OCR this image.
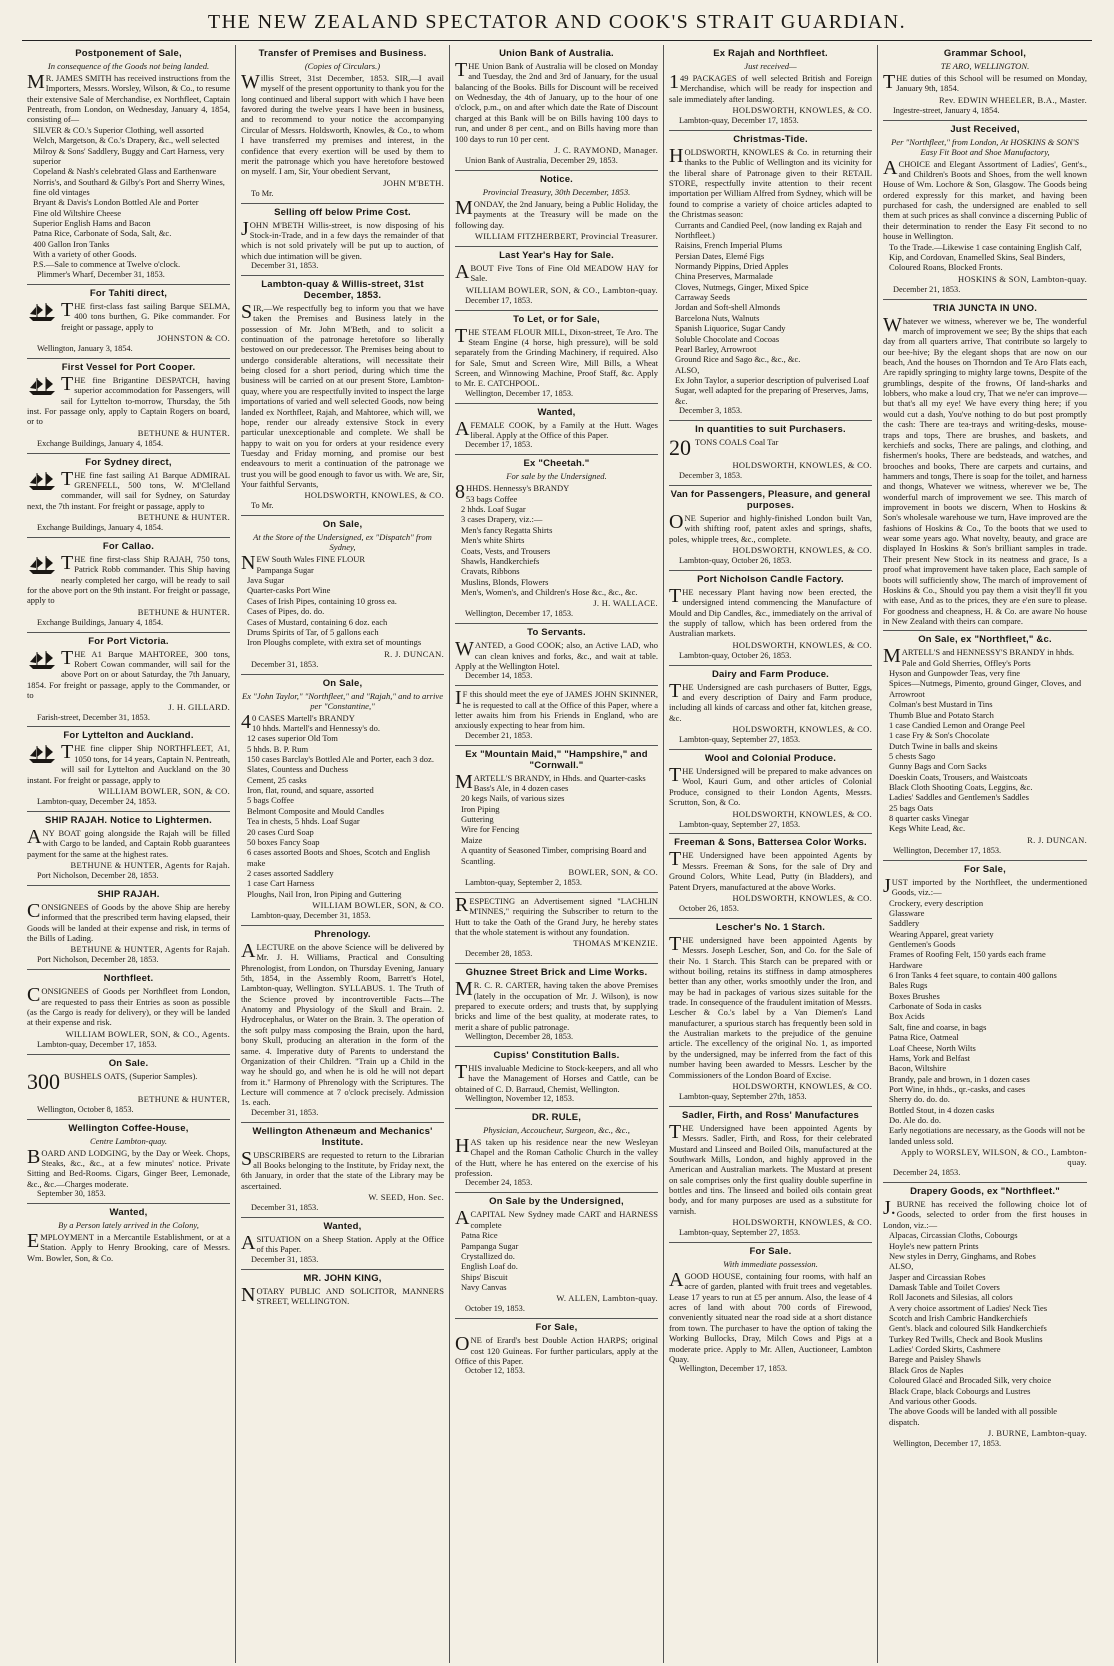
THE NEW ZEALAND SPECTATOR AND COOK'S STRAIT GUARDIAN.
Postponement of Sale,
In consequence of the Goods not being landed.

MR. JAMES SMITH has received instructions from the Importers, Messrs. Worsley, Wilson, & Co., to resume their extensive Sale of Merchandise, ex Northfleet, Captain Pentreath, from London, on Wednesday, January 4, 1854, consisting of—

SILVER & CO.'s Superior Clothing, well assorted
Welch, Margetson, & Co.'s Drapery, &c., well selected
Milroy & Sons' Saddlery, Buggy and Cart Harness, very superior
Copeland & Nash's celebrated Glass and Earthenware
Norris's, and Southard & Gilby's Port and Sherry Wines, fine old vintages
Bryant & Davis's London Bottled Ale and Porter
Fine old Wiltshire Cheese
Superior English Hams and Bacon
Patna Rice, Carbonate of Soda, Salt, &c.
400 Gallon Iron Tanks
With a variety of other Goods.
P.S.—Sale to commence at Twelve o'clock.
Plimmer's Wharf, December 31, 1853.
For Tahiti direct,

THE first-class fast sailing Barque SELMA, 400 tons burthen, G. Pike commander. For freight or passage, apply to

JOHNSTON & CO.
Wellington, January 3, 1854.
First Vessel for Port Cooper.

THE fine Brigantine DESPATCH, having superior accommodation for Passengers, will sail for Lyttelton to-morrow, Thursday, the 5th inst. For passage only, apply to Captain Rogers on board, or to

BETHUNE & HUNTER.
Exchange Buildings, January 4, 1854.
For Sydney direct,

THE fine fast sailing A1 Barque ADMIRAL GRENFELL, 500 tons, W. M'Clelland commander, will sail for Sydney, on Saturday next, the 7th instant. For freight or passage, apply to

BETHUNE & HUNTER.
Exchange Buildings, January 4, 1854.
For Callao.

THE fine first-class Ship RAJAH, 750 tons, Patrick Robb commander. This Ship having nearly completed her cargo, will be ready to sail for the above port on the 9th instant. For freight or passage, apply to

BETHUNE & HUNTER.
Exchange Buildings, January 4, 1854.
For Port Victoria.

THE A1 Barque MAHTOREE, 300 tons, Robert Cowan commander, will sail for the above Port on or about Saturday, the 7th January, 1854. For freight or passage, apply to the Commander, or to

J. H. GILLARD.
Farish-street, December 31, 1853.
For Lyttelton and Auckland.

THE fine clipper Ship NORTHFLEET, A1, 1050 tons, for 14 years, Captain N. Pentreath, will sail for Lyttelton and Auckland on the 30 instant. For freight or passage, apply to

WILLIAM BOWLER, SON, & CO.
Lambton-quay, December 24, 1853.
SHIP RAJAH. Notice to Lightermen.

ANY BOAT going alongside the Rajah will be filled with Cargo to be landed, and Captain Robb guarantees payment for the same at the highest rates.

BETHUNE & HUNTER, Agents for Rajah.
Port Nicholson, December 28, 1853.
SHIP RAJAH.

CONSIGNEES of Goods by the above Ship are hereby informed that the prescribed term having elapsed, their Goods will be landed at their expense and risk, in terms of the Bills of Lading.

BETHUNE & HUNTER, Agents for Rajah.
Port Nicholson, December 28, 1853.
Northfleet.

CONSIGNEES of Goods per Northfleet from London, are requested to pass their Entries as soon as possible (as the Cargo is ready for delivery), or they will be landed at their expense and risk.

WILLIAM BOWLER, SON, & CO., Agents.
Lambton-quay, December 17, 1853.
On Sale.
300 BUSHELS OATS, (Superior Samples).

BETHUNE & HUNTER,
Wellington, October 8, 1853.
Wellington Coffee-House,
Centre Lambton-quay.

BOARD AND LODGING, by the Day or Week. Chops, Steaks, &c., &c., at a few minutes' notice. Private Sitting and Bed-Rooms. Cigars, Ginger Beer, Lemonade, &c., &c.—Charges moderate.

September 30, 1853.
Wanted,
By a Person lately arrived in the Colony,

EMPLOYMENT in a Mercantile Establishment, or at a Station. Apply to Henry Brooking, care of Messrs. Wm. Bowler, Son, & Co.

Transfer of Premises and Business.
(Copies of Circulars.)

Willis Street, 31st December, 1853. SIR,—I avail myself of the present opportunity to thank you for the long continued and liberal support with which I have been favored during the twelve years I have been in business, and to recommend to your notice the accompanying Circular of Messrs. Holdsworth, Knowles, & Co., to whom I have transferred my premises and interest, in the confidence that every exertion will be used by them to merit the patronage which you have heretofore bestowed on myself. I am, Sir, Your obedient Servant,

JOHN M'BETH.
To Mr.
Selling off below Prime Cost.

JOHN M'BETH Willis-street, is now disposing of his Stock-in-Trade, and in a few days the remainder of that which is not sold privately will be put up to auction, of which due intimation will be given.

December 31, 1853.
Lambton-quay & Willis-street, 31st December, 1853.

SIR,—We respectfully beg to inform you that we have taken the Premises and Business lately in the possession of Mr. John M'Beth, and to solicit a continuation of the patronage heretofore so liberally bestowed on our predecessor. The Premises being about to undergo considerable alterations, will necessitate their being closed for a short period, during which time the business will be carried on at our present Store, Lambton-quay, where you are respectfully invited to inspect the large importations of varied and well selected Goods, now being landed ex Northfleet, Rajah, and Mahtoree, which will, we hope, render our already extensive Stock in every particular unexceptionable and complete. We shall be happy to wait on you for orders at your residence every Tuesday and Friday morning, and promise our best endeavours to merit a continuation of the patronage we trust you will be good enough to favor us with. We are, Sir, Your faithful Servants,

HOLDSWORTH, KNOWLES, & CO.
To Mr.
On Sale,
At the Store of the Undersigned, ex "Dispatch" from Sydney,

NEW South Wales FINE FLOUR

Pampanga Sugar
Java Sugar
Quarter-casks Port Wine
Cases of Irish Pipes, containing 10 gross ea.
Cases of Pipes, do. do.
Cases of Mustard, containing 6 doz. each
Drums Spirits of Tar, of 5 gallons each
Iron Ploughs complete, with extra set of mountings
R. J. DUNCAN.
December 31, 1853.
On Sale,
Ex "John Taylor," "Northfleet," and "Rajah," and to arrive per "Constantine,"

40 CASES Martell's BRANDY

10 hhds. Martell's and Hennessy's do.
12 cases superior Old Tom
5 hhds. B. P. Rum
150 cases Barclay's Bottled Ale and Porter, each 3 doz.
Slates, Countess and Duchess
Cement, 25 casks
Iron, flat, round, and square, assorted
5 bags Coffee
Belmont Composite and Mould Candles
Tea in chests, 5 hhds. Loaf Sugar
20 cases Curd Soap
50 boxes Fancy Soap
6 cases assorted Boots and Shoes, Scotch and English make
2 cases assorted Saddlery
1 case Cart Harness
Ploughs, Nail Iron, Iron Piping and Guttering
WILLIAM BOWLER, SON, & CO.
Lambton-quay, December 31, 1853.
Phrenology.

ALECTURE on the above Science will be delivered by Mr. J. H. Williams, Practical and Consulting Phrenologist, from London, on Thursday Evening, January 5th, 1854, in the Assembly Room, Barrett's Hotel, Lambton-quay, Wellington. SYLLABUS. 1. The Truth of the Science proved by incontrovertible Facts—The Anatomy and Physiology of the Skull and Brain. 2. Hydrocephalus, or Water on the Brain. 3. The operation of the soft pulpy mass composing the Brain, upon the hard, bony Skull, producing an alteration in the form of the same. 4. Imperative duty of Parents to understand the Organization of their Children. "Train up a Child in the way he should go, and when he is old he will not depart from it." Harmony of Phrenology with the Scriptures. The Lecture will commence at 7 o'clock precisely. Admission 1s. each.

December 31, 1853.
Wellington Athenæum and Mechanics' Institute.

SUBSCRIBERS are requested to return to the Librarian all Books belonging to the Institute, by Friday next, the 6th January, in order that the state of the Library may be ascertained.

W. SEED, Hon. Sec.
December 31, 1853.
Wanted,

ASITUATION on a Sheep Station. Apply at the Office of this Paper.

December 31, 1853.
MR. JOHN KING,

NOTARY PUBLIC AND SOLICITOR, MANNERS STREET, WELLINGTON.

Union Bank of Australia.

THE Union Bank of Australia will be closed on Monday and Tuesday, the 2nd and 3rd of January, for the usual balancing of the Books. Bills for Discount will be received on Wednesday, the 4th of January, up to the hour of one o'clock, p.m., on and after which date the Rate of Discount charged at this Bank will be on Bills having 100 days to run, and under 8 per cent., and on Bills having more than 100 days to run 10 per cent.

J. C. RAYMOND, Manager.
Union Bank of Australia, December 29, 1853.
Notice.
Provincial Treasury, 30th December, 1853.

MONDAY, the 2nd January, being a Public Holiday, the payments at the Treasury will be made on the following day.

WILLIAM FITZHERBERT, Provincial Treasurer.
Last Year's Hay for Sale.

ABOUT Five Tons of Fine Old MEADOW HAY for Sale.

WILLIAM BOWLER, SON, & CO., Lambton-quay.
December 17, 1853.
To Let, or for Sale,

THE STEAM FLOUR MILL, Dixon-street, Te Aro. The Steam Engine (4 horse, high pressure), will be sold separately from the Grinding Machinery, if required. Also for Sale, Smut and Screen Wire, Mill Bills, a Wheat Screen, and Winnowing Machine, Proof Staff, &c. Apply to Mr. E. CATCHPOOL.

Wellington, December 17, 1853.
Wanted,

AFEMALE COOK, by a Family at the Hutt. Wages liberal. Apply at the Office of this Paper.

December 17, 1853.
Ex "Cheetah."
For sale by the Undersigned.

8HHDS. Hennessy's BRANDY

53 bags Coffee
2 hhds. Loaf Sugar
3 cases Drapery, viz.:—
Men's fancy Regatta Shirts
Men's white Shirts
Coats, Vests, and Trousers
Shawls, Handkerchiefs
Cravats, Ribbons
Muslins, Blonds, Flowers
Men's, Women's, and Children's Hose &c., &c., &c.
J. H. WALLACE.
Wellington, December 17, 1853.
To Servants.

WANTED, a Good COOK; also, an Active LAD, who can clean knives and forks, &c., and wait at table. Apply at the Wellington Hotel.

December 14, 1853.

IF this should meet the eye of JAMES JOHN SKINNER, he is requested to call at the Office of this Paper, where a letter awaits him from his Friends in England, who are anxiously expecting to hear from him.

December 21, 1853.
Ex "Mountain Maid," "Hampshire," and "Cornwall."

MARTELL'S BRANDY, in Hhds. and Quarter-casks

Bass's Ale, in 4 dozen cases
20 kegs Nails, of various sizes
Iron Piping
Guttering
Wire for Fencing
Maize
A quantity of Seasoned Timber, comprising Board and Scantling.
BOWLER, SON, & CO.
Lambton-quay, September 2, 1853.

RESPECTING an Advertisement signed "LACHLIN M'INNES," requiring the Subscriber to return to the Hutt to take the Oath of the Grand Jury, he hereby states that the whole statement is without any foundation.

THOMAS M'KENZIE.
December 28, 1853.
Ghuznee Street Brick and Lime Works.

MR. C. R. CARTER, having taken the above Premises (lately in the occupation of Mr. J. Wilson), is now prepared to execute orders; and trusts that, by supplying bricks and lime of the best quality, at moderate rates, to merit a share of public patronage.

Wellington, December 28, 1853.
Cupiss' Constitution Balls.

THIS invaluable Medicine to Stock-keepers, and all who have the Management of Horses and Cattle, can be obtained of C. D. Barraud, Chemist, Wellington.

Wellington, November 12, 1853.
DR. RULE,
Physician, Accoucheur, Surgeon, &c., &c.,

HAS taken up his residence near the new Wesleyan Chapel and the Roman Catholic Church in the valley of the Hutt, where he has entered on the exercise of his profession.

December 24, 1853.
On Sale by the Undersigned,

ACAPITAL New Sydney made CART and HARNESS complete

Patna Rice
Pampanga Sugar
Crystallized do.
English Loaf do.
Ships' Biscuit
Navy Canvas
W. ALLEN, Lambton-quay.
October 19, 1853.
For Sale,

ONE of Erard's best Double Action HARPS; original cost 120 Guineas. For further particulars, apply at the Office of this Paper.

October 12, 1853.
Ex Rajah and Northfleet.
Just received—

149 PACKAGES of well selected British and Foreign Merchandise, which will be ready for inspection and sale immediately after landing.

HOLDSWORTH, KNOWLES, & CO.
Lambton-quay, December 17, 1853.
Christmas-Tide.

HOLDSWORTH, KNOWLES & Co. in returning their thanks to the Public of Wellington and its vicinity for the liberal share of Patronage given to their RETAIL STORE, respectfully invite attention to their recent importation per William Alfred from Sydney, which will be found to comprise a variety of choice articles adapted to the Christmas season:

Currants and Candied Peel, (now landing ex Rajah and Northfleet.)
Raisins, French Imperial Plums
Persian Dates, Elemé Figs
Normandy Pippins, Dried Apples
China Preserves, Marmalade
Cloves, Nutmegs, Ginger, Mixed Spice
Carraway Seeds
Jordan and Soft-shell Almonds
Barcelona Nuts, Walnuts
Spanish Liquorice, Sugar Candy
Soluble Chocolate and Cocoas
Pearl Barley, Arrowroot
Ground Rice and Sago &c., &c., &c.
ALSO,
Ex John Taylor, a superior description of pulverised Loaf Sugar, well adapted for the preparing of Preserves, Jams, &c.
December 3, 1853.
In quantities to suit Purchasers.
20 TONS COALS Coal Tar

HOLDSWORTH, KNOWLES, & CO.
December 3, 1853.
Van for Passengers, Pleasure, and general purposes.

ONE Superior and highly-finished London built Van, with shifting roof, patent axles and springs, shafts, poles, whipple trees, &c., complete.

HOLDSWORTH, KNOWLES, & CO.
Lambton-quay, October 26, 1853.
Port Nicholson Candle Factory.

THE necessary Plant having now been erected, the undersigned intend commencing the Manufacture of Mould and Dip Candles, &c., immediately on the arrival of the supply of tallow, which has been ordered from the Australian markets.

HOLDSWORTH, KNOWLES, & CO.
Lambton-quay, October 26, 1853.
Dairy and Farm Produce.

THE Undersigned are cash purchasers of Butter, Eggs, and every description of Dairy and Farm produce, including all kinds of carcass and other fat, kitchen grease, &c.

HOLDSWORTH, KNOWLES, & CO.
Lambton-quay, September 27, 1853.
Wool and Colonial Produce.

THE Undersigned will be prepared to make advances on Wool, Kauri Gum, and other articles of Colonial Produce, consigned to their London Agents, Messrs. Scrutton, Son, & Co.

HOLDSWORTH, KNOWLES, & CO.
Lambton-quay, September 27, 1853.
Freeman & Sons, Battersea Color Works.

THE Undersigned have been appointed Agents by Messrs. Freeman & Sons, for the sale of Dry and Ground Colors, White Lead, Putty (in Bladders), and Patent Dryers, manufactured at the above Works.

HOLDSWORTH, KNOWLES, & CO.
October 26, 1853.
Lescher's No. 1 Starch.

THE undersigned have been appointed Agents by Messrs. Joseph Lescher, Son, and Co. for the Sale of their No. 1 Starch. This Starch can be prepared with or without boiling, retains its stiffness in damp atmospheres better than any other, works smoothly under the Iron, and may be had in packages of various sizes suitable for the trade. In consequence of the fraudulent imitation of Messrs. Lescher & Co.'s label by a Van Diemen's Land manufacturer, a spurious starch has frequently been sold in the Australian markets to the prejudice of the genuine article. The excellency of the original No. 1, as imported by the undersigned, may be inferred from the fact of this number having been awarded to Messrs. Lescher by the Commissioners of the London Board of Excise.

HOLDSWORTH, KNOWLES, & CO.
Lambton-quay, September 27th, 1853.
Sadler, Firth, and Ross' Manufactures

THE Undersigned have been appointed Agents by Messrs. Sadler, Firth, and Ross, for their celebrated Mustard and Linseed and Boiled Oils, manufactured at the Southwark Mills, London, and highly approved in the American and Australian markets. The Mustard at present on sale comprises only the first quality double superfine in bottles and tins. The linseed and boiled oils contain great body, and for many purposes are used as a substitute for varnish.

HOLDSWORTH, KNOWLES, & CO.
Lambton-quay, September 27, 1853.
For Sale.
With immediate possession.

AGOOD HOUSE, containing four rooms, with half an acre of garden, planted with fruit trees and vegetables. Lease 17 years to run at £5 per annum. Also, the lease of 4 acres of land with about 700 cords of Firewood, conveniently situated near the road side at a short distance from town. The purchaser to have the option of taking the Working Bullocks, Dray, Milch Cows and Pigs at a moderate price. Apply to Mr. Allen, Auctioneer, Lambton Quay.

Wellington, December 17, 1853.
Grammar School,
TE ARO, WELLINGTON.

THE duties of this School will be resumed on Monday, January 9th, 1854.

Rev. EDWIN WHEELER, B.A., Master.
Ingestre-street, January 4, 1854.
Just Received,
Per "Northfleet," from London, At HOSKINS & SON'S Easy Fit Boot and Shoe Manufactory,

ACHOICE and Elegant Assortment of Ladies', Gent's., and Children's Boots and Shoes, from the well known House of Wm. Lochore & Son, Glasgow. The Goods being ordered expressly for this market, and having been purchased for cash, the undersigned are enabled to sell them at such prices as shall convince a discerning Public of their determination to render the Easy Fit second to no house in Wellington.

To the Trade.—Likewise 1 case containing English Calf, Kip, and Cordovan, Enamelled Skins, Seal Binders, Coloured Roans, Blocked Fronts.
HOSKINS & SON, Lambton-quay.
December 21, 1853.
TRIA JUNCTA IN UNO.

Whatever we witness, wherever we be, The wonderful march of improvement we see; By the ships that each day from all quarters arrive, That contribute so largely to our bee-hive; By the elegant shops that are now on our beach, And the houses on Thorndon and Te Aro Flats each, Are rapidly springing to mighty large towns, Despite of the grumblings, despite of the frowns, Of land-sharks and lobbers, who make a loud cry, That we ne'er can improve—but that's all my eye! We have every thing here; if you would cut a dash, You've nothing to do but post promptly the cash: There are tea-trays and writing-desks, mouse-traps and tops, There are brushes, and baskets, and kerchiefs and socks, There are palings, and clothing, and fishermen's hooks, There are bedsteads, and watches, and brooches and books, There are carpets and curtains, and hammers and tongs, There is soap for the toilet, and harness and thongs, Whatever we witness, wherever we be, The wonderful march of improvement we see. This march of improvement in boots we discern, When to Hoskins & Son's wholesale warehouse we turn, Have improved are the fashions of Hoskins & Co., To the boots that we used to wear some years ago. What novelty, beauty, and grace are displayed In Hoskins & Son's brilliant samples in trade. Their present New Stock in its neatness and grace, Is a proof what improvement have taken place, Each sample of boots will sufficiently show, The march of improvement of Hoskins & Co., Should you pay them a visit they'll fit you with ease, And as to the prices, they are e'en sure to please. For goodness and cheapness, H. & Co. are aware No house in New Zealand with theirs can compare.

On Sale, ex "Northfleet," &c.

MARTELL'S and HENNESSY'S BRANDY in hhds.

Pale and Gold Sherries, Offley's Ports
Hyson and Gunpowder Teas, very fine
Spices—Nutmegs, Pimento, ground Ginger, Cloves, and Arrowroot
Colman's best Mustard in Tins
Thumb Blue and Potato Starch
1 case Candied Lemon and Orange Peel
1 case Fry & Son's Chocolate
Dutch Twine in balls and skeins
5 chests Sago
Gunny Bags and Corn Sacks
Doeskin Coats, Trousers, and Waistcoats
Black Cloth Shooting Coats, Leggins, &c.
Ladies' Saddles and Gentlemen's Saddles
25 bags Oats
8 quarter casks Vinegar
Kegs White Lead, &c.
R. J. DUNCAN.
Wellington, December 17, 1853.
For Sale,

JUST imported by the Northfleet, the undermentioned Goods, viz.:—

Crockery, every description
Glassware
Saddlery
Wearing Apparel, great variety
Gentlemen's Goods
Frames of Roofing Felt, 150 yards each frame
Hardware
6 Iron Tanks 4 feet square, to contain 400 gallons
Bales Rugs
Boxes Brushes
Carbonate of Soda in casks
Box Acids
Salt, fine and coarse, in bags
Patna Rice, Oatmeal
Loaf Cheese, North Wilts
Hams, York and Belfast
Bacon, Wiltshire
Brandy, pale and brown, in 1 dozen cases
Port Wine, in hhds., qr.-casks, and cases
Sherry do. do. do.
Bottled Stout, in 4 dozen casks
Do. Ale do. do.
Early negotiations are necessary, as the Goods will not be landed unless sold.
Apply to WORSLEY, WILSON, & CO., Lambton-quay.
December 24, 1853.
Drapery Goods, ex "Northfleet."

J.BURNE has received the following choice lot of Goods, selected to order from the first houses in London, viz.:—

Alpacas, Circassian Cloths, Cobourgs
Hoyle's new pattern Prints
New styles in Derry, Ginghams, and Robes
ALSO,
Jasper and Circassian Robes
Damask Table and Toilet Covers
Roll Jaconets and Silesias, all colors
A very choice assortment of Ladies' Neck Ties
Scotch and Irish Cambric Handkerchiefs
Gent's. black and coloured Silk Handkerchiefs
Turkey Red Twills, Check and Book Muslins
Ladies' Corded Skirts, Cashmere
Barege and Paisley Shawls
Black Gros de Naples
Coloured Glacé and Brocaded Silk, very choice
Black Crape, black Cobourgs and Lustres
And various other Goods.
The above Goods will be landed with all possible dispatch.
J. BURNE, Lambton-quay.
Wellington, December 17, 1853.
